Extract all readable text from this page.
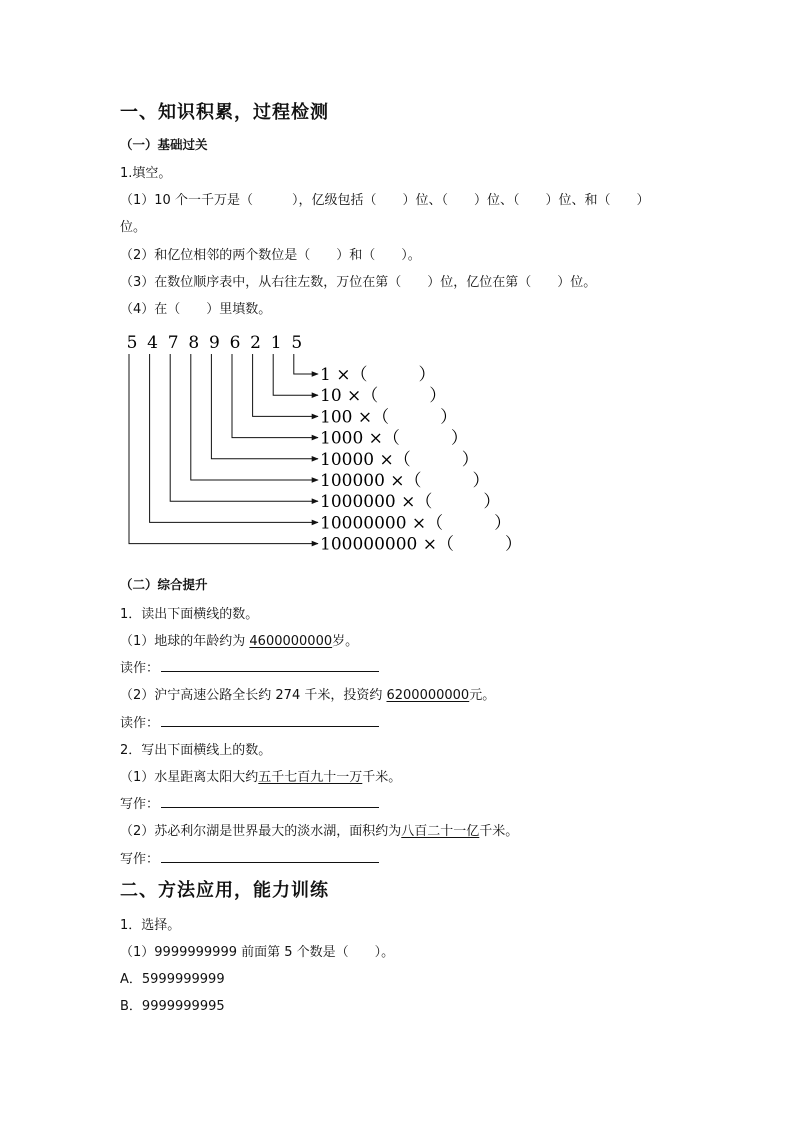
一、知识积累，过程检测
（一）基础过关
1.填空。
（1）10 个一千万是（　　　），亿级包括（　　）位、（　　）位、（　　）位、和（　　）
位。
（2）和亿位相邻的两个数位是（　　）和（　　）。
（3）在数位顺序表中，从右往左数，万位在第（　　）位，亿位在第（　　）位。
（4）在（　　）里填数。
5 4 7 8 9 6 2 1 5
1 ×（　　　）
10 ×（　　　）
100 ×（　　　）
1000 ×（　　　）
10000 ×（　　　）
100000 ×（　　　）
1000000 ×（　　　）
10000000 ×（　　　）
100000000 ×（　　　）
（二）综合提升
1．读出下面横线的数。
（1）地球的年龄约为 4600000000岁。
读作：
（2）沪宁高速公路全长约 274 千米，投资约 6200000000元。
读作：
2．写出下面横线上的数。
（1）水星距离太阳大约五千七百九十一万千米。
写作：
（2）苏必利尔湖是世界最大的淡水湖，面积约为八百二十一亿千米。
写作：
二、方法应用，能力训练
1．选择。
（1）9999999999 前面第 5 个数是（　　）。
A．5999999999
B．9999999995
